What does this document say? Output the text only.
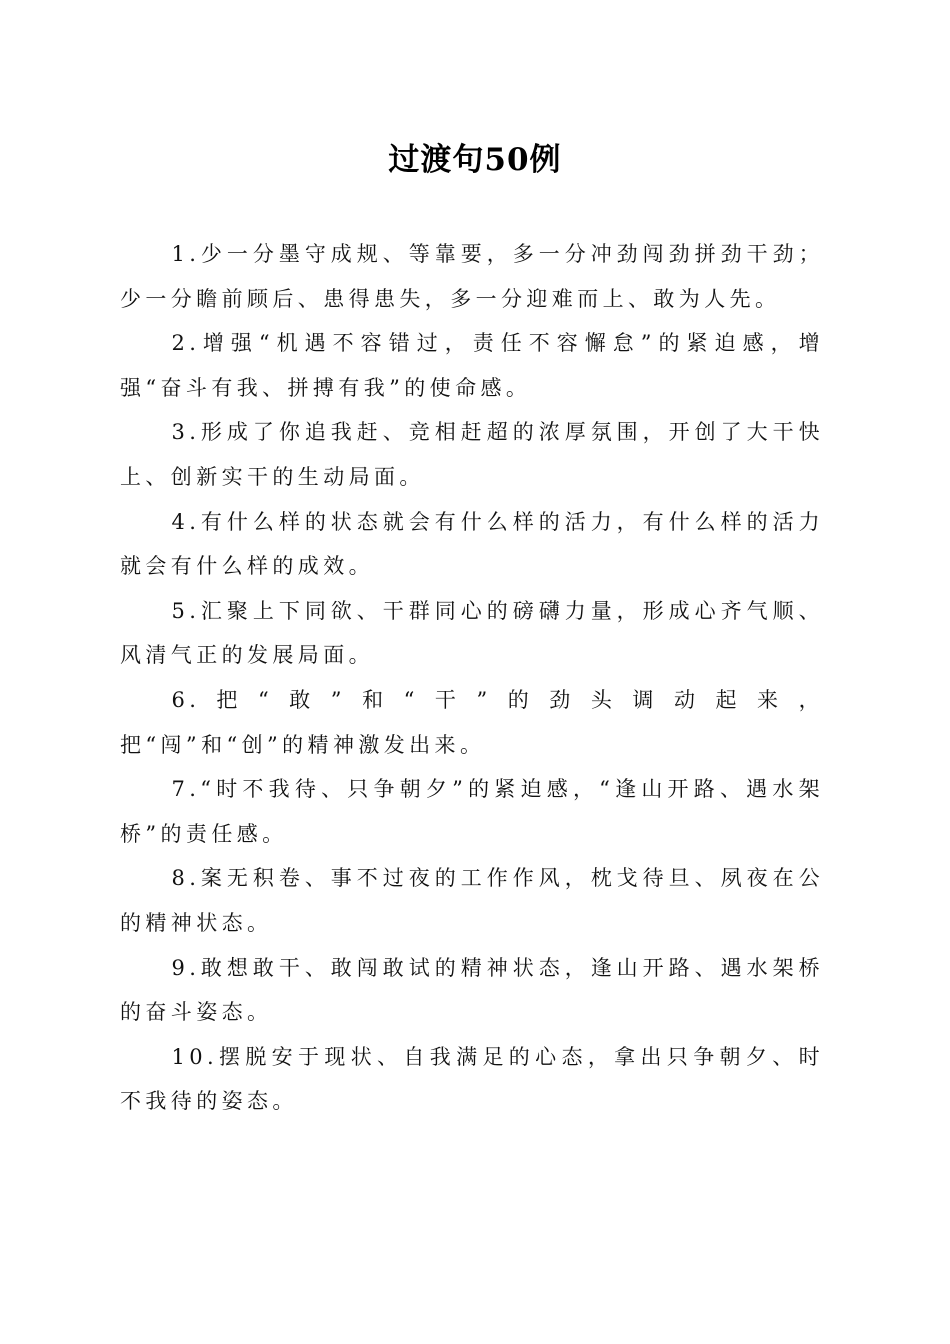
过渡句50例

1.少一分墨守成规、等靠要，多一分冲劲闯劲拼劲干劲；少一分瞻前顾后、患得患失，多一分迎难而上、敢为人先。

2.增强“机遇不容错过，责任不容懈怠”的紧迫感，增强“奋斗有我、拼搏有我”的使命感。

3.形成了你追我赶、竞相赶超的浓厚氛围，开创了大干快上、创新实干的生动局面。

4.有什么样的状态就会有什么样的活力，有什么样的活力就会有什么样的成效。

5.汇聚上下同欲、干群同心的磅礴力量，形成心齐气顺、风清气正的发展局面。

6.把“敢”和“干”的劲头调动起来，
把“闯”和“创”的精神激发出来。

7.“时不我待、只争朝夕”的紧迫感，“逢山开路、遇水架桥”的责任感。

8.案无积卷、事不过夜的工作作风，枕戈待旦、夙夜在公的精神状态。

9.敢想敢干、敢闯敢试的精神状态，逢山开路、遇水架桥的奋斗姿态。

10.摆脱安于现状、自我满足的心态，拿出只争朝夕、时不我待的姿态。
